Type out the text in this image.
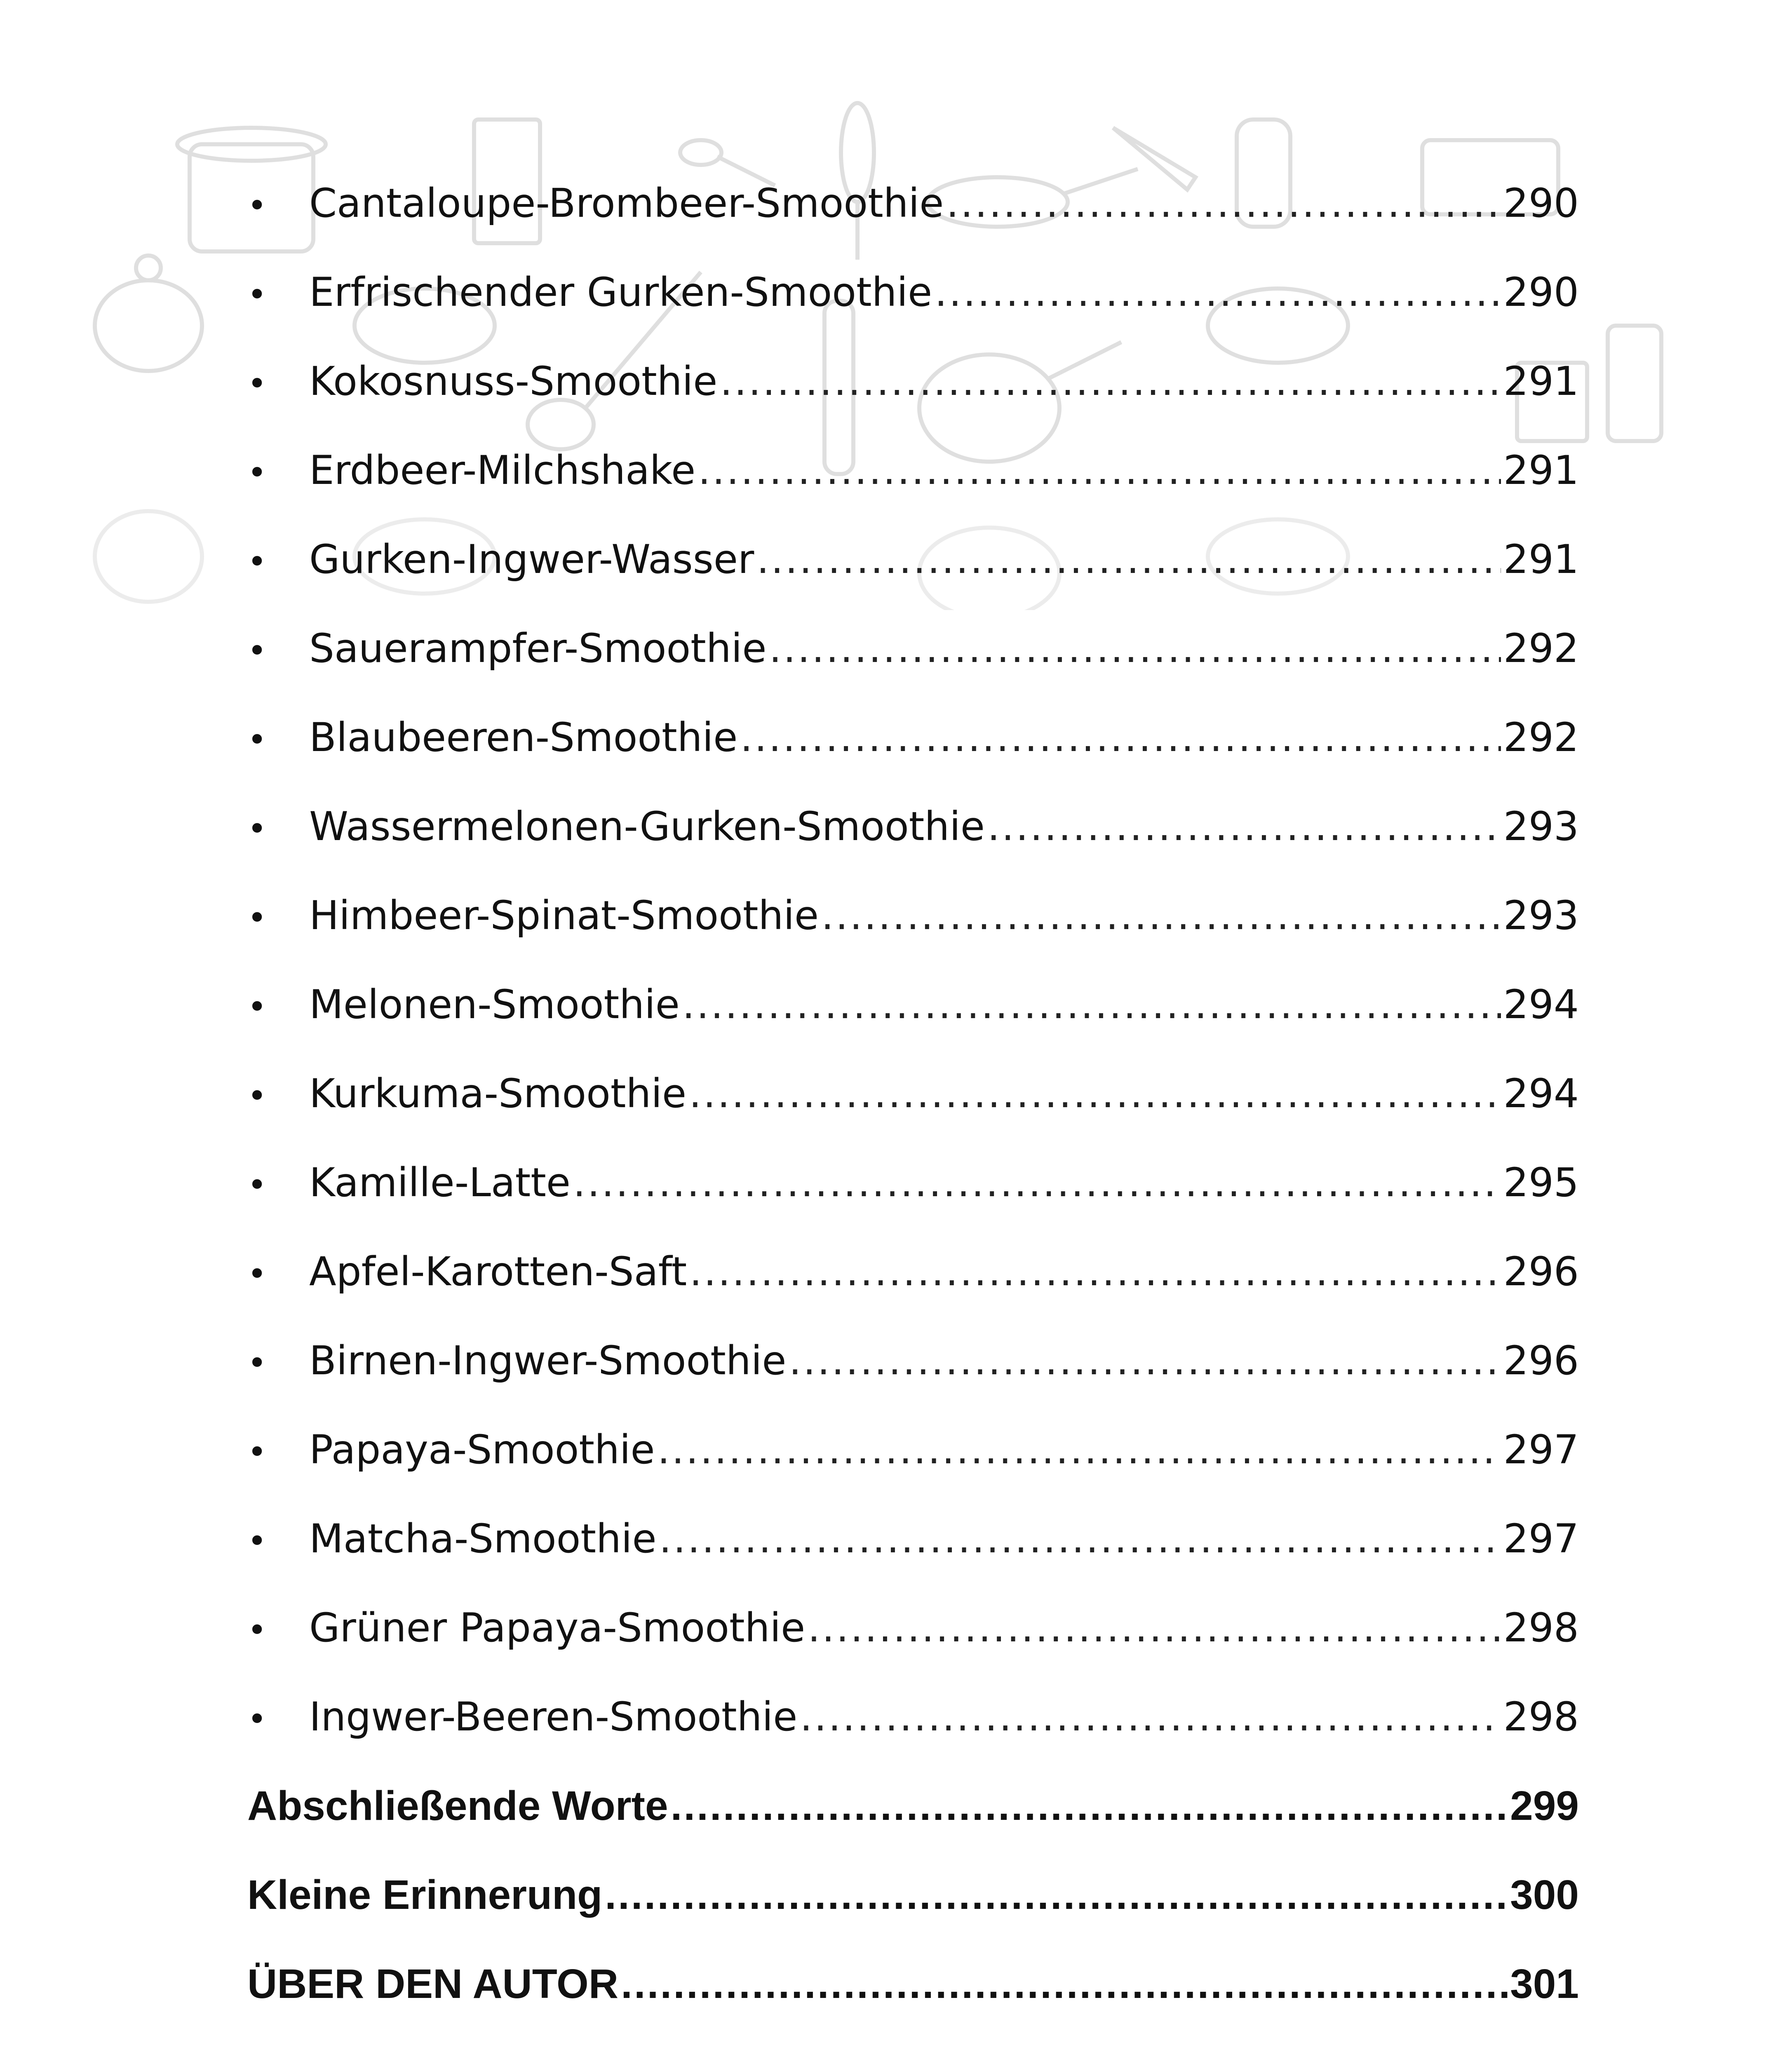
•	Cantaloupe-Brombeer-Smoothie .....	290
•	Erfrischender Gurken-Smoothie .....	290
•	Kokosnuss-Smoothie .....	291
•	Erdbeer-Milchshake .....	291
•	Gurken-Ingwer-Wasser .....	291
•	Sauerampfer-Smoothie .....	292
•	Blaubeeren-Smoothie .....	292
•	Wassermelonen-Gurken-Smoothie .....	293
•	Himbeer-Spinat-Smoothie .....	293
•	Melonen-Smoothie .....	294
•	Kurkuma-Smoothie .....	294
•	Kamille-Latte .....	295
•	Apfel-Karotten-Saft .....	296
•	Birnen-Ingwer-Smoothie .....	296
•	Papaya-Smoothie .....	297
•	Matcha-Smoothie .....	297
•	Grüner Papaya-Smoothie .....	298
•	Ingwer-Beeren-Smoothie .....	298
Abschließende Worte .....	299
Kleine Erinnerung .....	300
ÜBER DEN AUTOR .....	301
